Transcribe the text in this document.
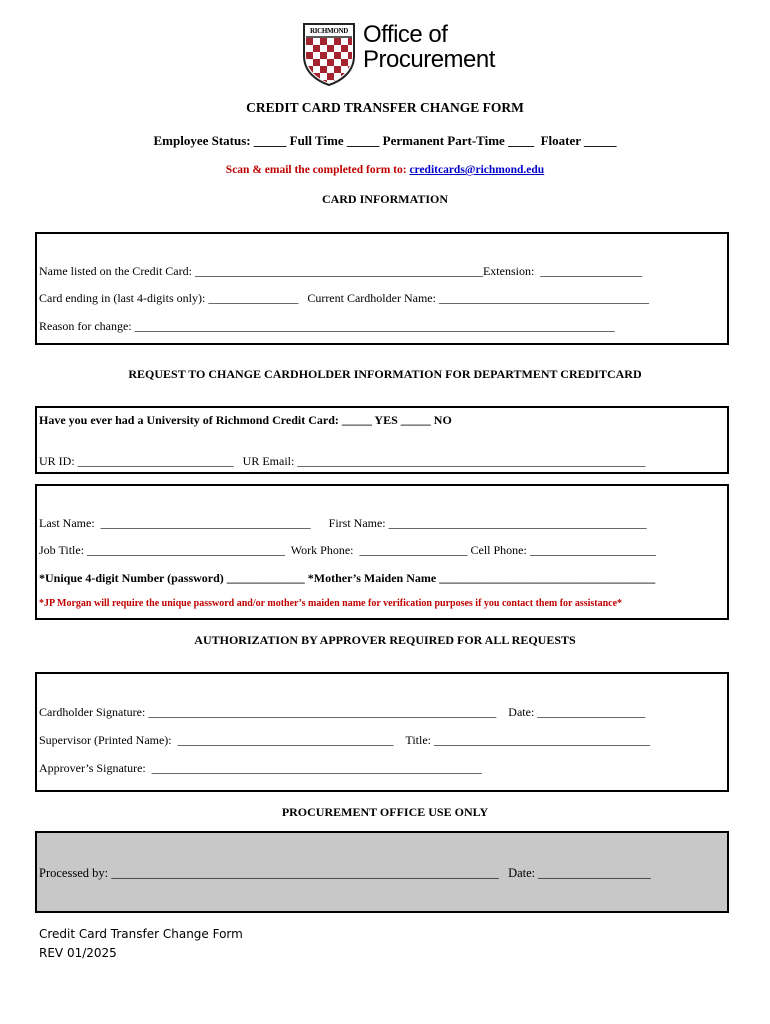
RICHMOND Office of
Procurement
CREDIT CARD TRANSFER CHANGE FORM
Employee Status: _____ Full Time _____ Permanent Part-Time ____  Floater _____
Scan & email the completed form to: creditcards@richmond.edu
CARD INFORMATION
Name listed on the Credit Card: ________________________________________________Extension:  _________________
Card ending in (last 4-digits only): _______________   Current Cardholder Name: ___________________________________
Reason for change: ________________________________________________________________________________
REQUEST TO CHANGE CARDHOLDER INFORMATION FOR DEPARTMENT CREDITCARD
Have you ever had a University of Richmond Credit Card: _____ YES _____ NO
UR ID: __________________________   UR Email: __________________________________________________________
Last Name:  ___________________________________      First Name: ___________________________________________
Job Title: _________________________________  Work Phone:  __________________ Cell Phone: _____________________
*Unique 4-digit Number (password) _____________ *Mother’s Maiden Name ____________________________________
*JP Morgan will require the unique password and/or mother’s maiden name for verification purposes if you contact them for assistance*
AUTHORIZATION BY APPROVER REQUIRED FOR ALL REQUESTS
Cardholder Signature: __________________________________________________________    Date: __________________
Supervisor (Printed Name):  ____________________________________    Title: ____________________________________
Approver’s Signature:  _______________________________________________________
PROCUREMENT OFFICE USE ONLY
Processed by: ______________________________________________________________   Date: __________________
Credit Card Transfer Change Form
REV 01/2025
